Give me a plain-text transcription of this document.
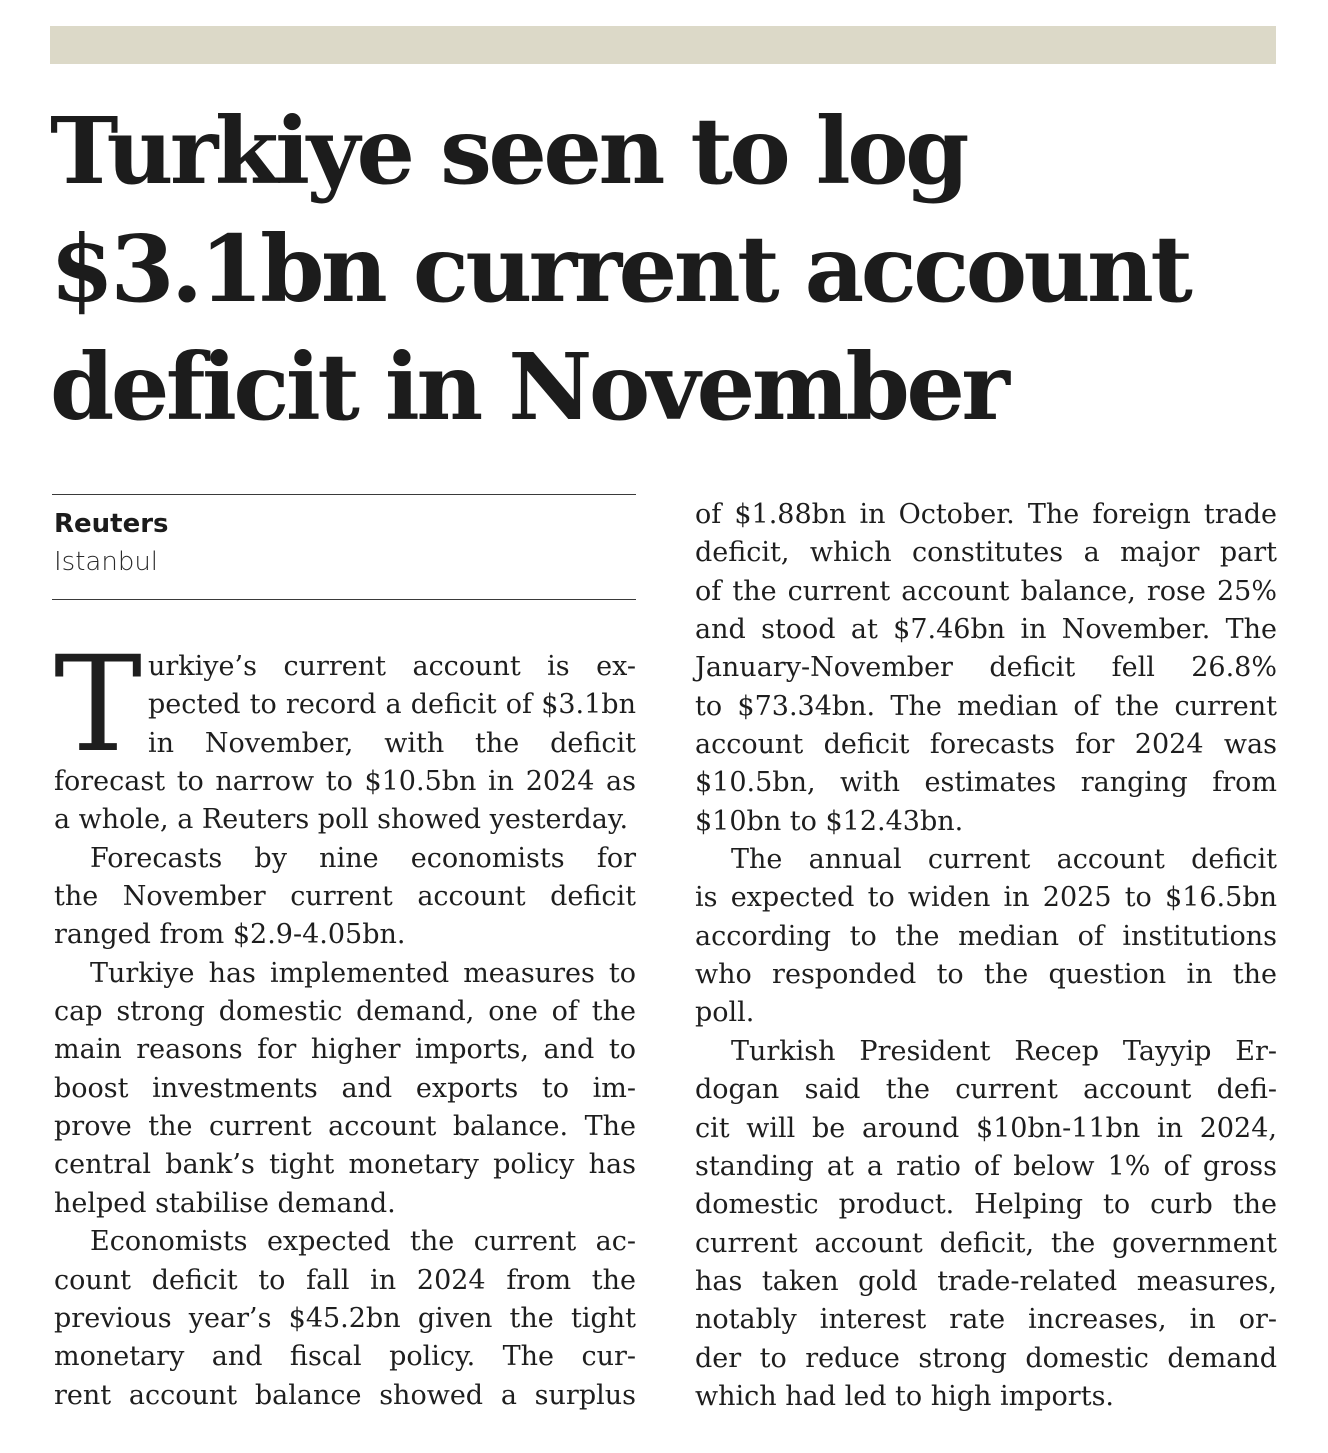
Turkiye seen to log
$3.1bn current account
deficit in November
Reuters
Istanbul
T urkiye’s current account is ex-
pected to record a deficit of $3.1bn
in November, with the deficit
forecast to narrow to $10.5bn in 2024 as
a whole, a Reuters poll showed yesterday.
Forecasts by nine economists for
the November current account deficit
ranged from $2.9-4.05bn.
Turkiye has implemented measures to
cap strong domestic demand, one of the
main reasons for higher imports, and to
boost investments and exports to im-
prove the current account balance. The
central bank’s tight monetary policy has
helped stabilise demand.
Economists expected the current ac-
count deficit to fall in 2024 from the
previous year’s $45.2bn given the tight
monetary and fiscal policy. The cur-
rent account balance showed a surplus
of $1.88bn in October. The foreign trade
deficit, which constitutes a major part
of the current account balance, rose 25%
and stood at $7.46bn in November. The
January-November deficit fell 26.8%
to $73.34bn. The median of the current
account deficit forecasts for 2024 was
$10.5bn, with estimates ranging from
$10bn to $12.43bn.
The annual current account deficit
is expected to widen in 2025 to $16.5bn
according to the median of institutions
who responded to the question in the
poll.
Turkish President Recep Tayyip Er-
dogan said the current account defi-
cit will be around $10bn-11bn in 2024,
standing at a ratio of below 1% of gross
domestic product. Helping to curb the
current account deficit, the government
has taken gold trade-related measures,
notably interest rate increases, in or-
der to reduce strong domestic demand
which had led to high imports.
